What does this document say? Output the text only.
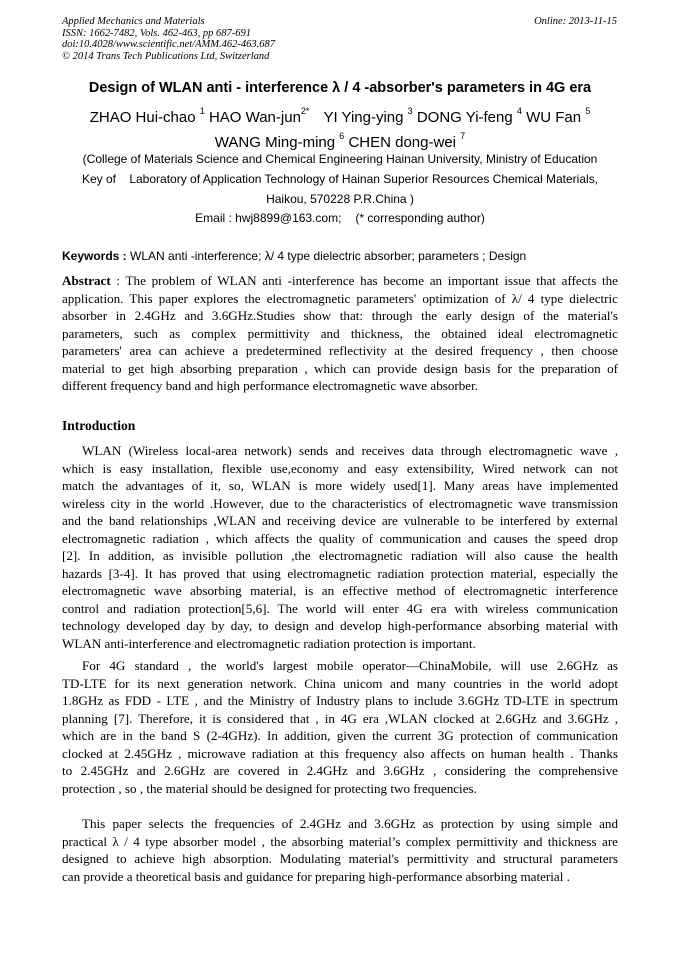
Applied Mechanics and Materials
ISSN: 1662-7482, Vols. 462-463, pp 687-691
doi:10.4028/www.scientific.net/AMM.462-463.687
© 2014 Trans Tech Publications Ltd, Switzerland
Online: 2013-11-15
Design of WLAN anti - interference λ / 4 -absorber's parameters in 4G era
ZHAO Hui-chao $^1$ HAO Wan-jun$^{2*}$ YI Ying-ying $^3$ DONG Yi-feng $^4$ WU Fan $^5$
WANG Ming-ming $^6$ CHEN dong-wei $^7$
(College of Materials Science and Chemical Engineering Hainan University, Ministry of Education
Key of    Laboratory of Application Technology of Hainan Superior Resources Chemical Materials,
Haikou, 570228 P.R.China )
Email : hwj8899@163.com; (* corresponding author)
Keywords : WLAN anti -interference; λ/ 4 type dielectric absorber; parameters ; Design
Abstract : The problem of WLAN anti -interference has become an important issue that affects the
application. This paper explores the electromagnetic parameters' optimization of λ/ 4 type dielectric
absorber in 2.4GHz and 3.6GHz.Studies show that: through the early design of the material's
parameters, such as complex permittivity and thickness, the obtained ideal electromagnetic
parameters' area can achieve a predetermined reflectivity at the desired frequency , then choose
material to get high absorbing preparation , which can provide design basis for the preparation of
different frequency band and high performance electromagnetic wave absorber.
Introduction
WLAN (Wireless local-area network) sends and receives data through electromagnetic wave ,
which is easy installation, flexible use,economy and easy extensibility, Wired network can not
match the advantages of it, so, WLAN is more widely used[1]. Many areas have implemented
wireless city in the world .However, due to the characteristics of electromagnetic wave transmission
and the band relationships ,WLAN and receiving device are vulnerable to be interfered by external
electromagnetic radiation , which affects the quality of communication and causes the speed drop
[2]. In addition, as invisible pollution ,the electromagnetic radiation will also cause the health
hazards [3-4]. It has proved that using electromagnetic radiation protection material, especially the
electromagnetic wave absorbing material, is an effective method of electromagnetic interference
control and radiation protection[5,6]. The world will enter 4G era with wireless communication
technology developed day by day, to design and develop high-performance absorbing material with
WLAN anti-interference and electromagnetic radiation protection is important.
For 4G standard , the world's largest mobile operator—ChinaMobile, will use 2.6GHz as
TD-LTE for its next generation network. China unicom and many countries in the world adopt
1.8GHz as FDD - LTE , and the Ministry of Industry plans to include 3.6GHz TD-LTE in spectrum
planning [7]. Therefore, it is considered that , in 4G era ,WLAN clocked at 2.6GHz and 3.6GHz ,
which are in the band S (2-4GHz). In addition, given the current 3G protection of communication
clocked at 2.45GHz , microwave radiation at this frequency also affects on human health . Thanks
to 2.45GHz and 2.6GHz are covered in 2.4GHz and 3.6GHz , considering the comprehensive
protection , so , the material should be designed for protecting two frequencies.
This paper selects the frequencies of 2.4GHz and 3.6GHz as protection by using simple and
practical λ / 4 type absorber model , the absorbing material’s complex permittivity and thickness are
designed to achieve high absorption. Modulating material's permittivity and structural parameters
can provide a theoretical basis and guidance for preparing high-performance absorbing material .
